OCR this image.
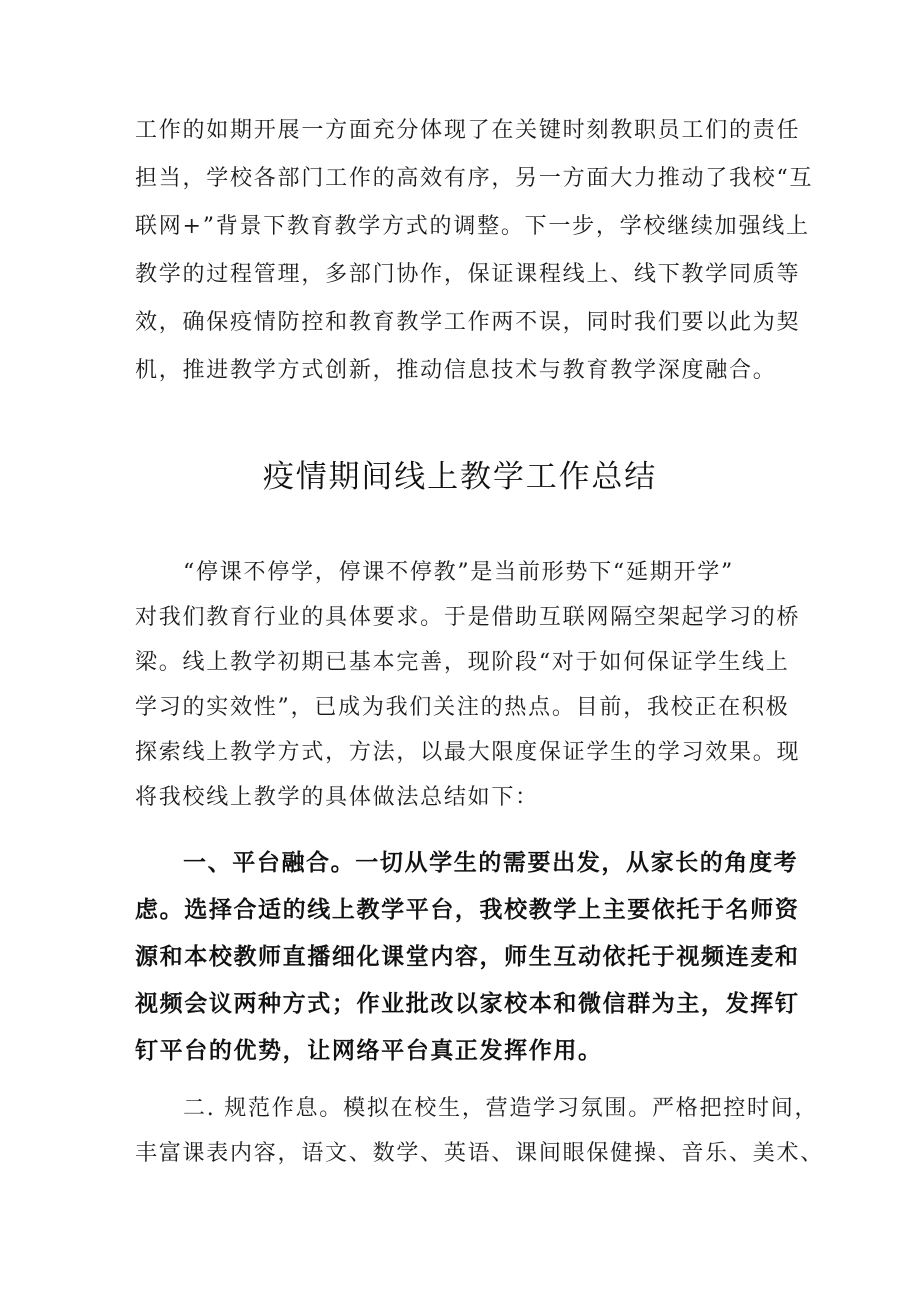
工作的如期开展一方面充分体现了在关键时刻教职员工们的责任
担当，学校各部门工作的高效有序，另一方面大力推动了我校“互
联网+”背景下教育教学方式的调整。下一步，学校继续加强线上
教学的过程管理，多部门协作，保证课程线上、线下教学同质等
效，确保疫情防控和教育教学工作两不误，同时我们要以此为契
机，推进教学方式创新，推动信息技术与教育教学深度融合。
疫情期间线上教学工作总结
“停课不停学，停课不停教”是当前形势下“延期开学”
对我们教育行业的具体要求。于是借助互联网隔空架起学习的桥
梁。线上教学初期已基本完善，现阶段“对于如何保证学生线上
学习的实效性”，已成为我们关注的热点。目前，我校正在积极
探索线上教学方式，方法，以最大限度保证学生的学习效果。现
将我校线上教学的具体做法总结如下：
一、平台融合。一切从学生的需要出发，从家长的角度考
虑。选择合适的线上教学平台，我校教学上主要依托于名师资
源和本校教师直播细化课堂内容，师生互动依托于视频连麦和
视频会议两种方式；作业批改以家校本和微信群为主，发挥钉
钉平台的优势，让网络平台真正发挥作用。
二. 规范作息。模拟在校生，营造学习氛围。严格把控时间，
丰富课表内容，语文、数学、英语、课间眼保健操、音乐、美术、
